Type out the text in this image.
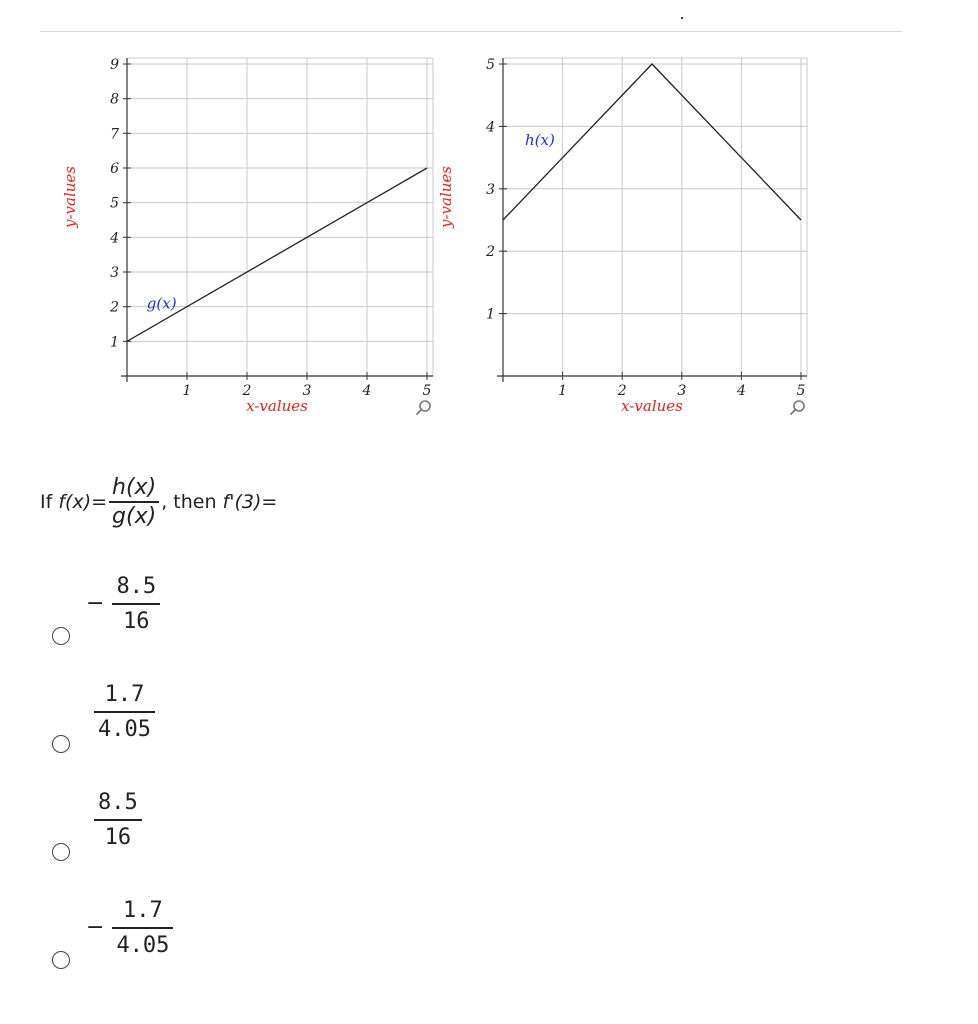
1	2	3	4	5
1
2
3
4
5
6
7
8
9
x-values
y-values
g(x)
1	2	3	4	5
1
2
3
4
5
x-values
y-values
h(x)
If
$f(x) = \frac{h(x)}{g(x)}$ , then
f'(3) =
− $\frac{8.5}{16}$
$\frac{1.7}{4.05}$
$\frac{8.5}{16}$
− $\frac{1.7}{4.05}$
